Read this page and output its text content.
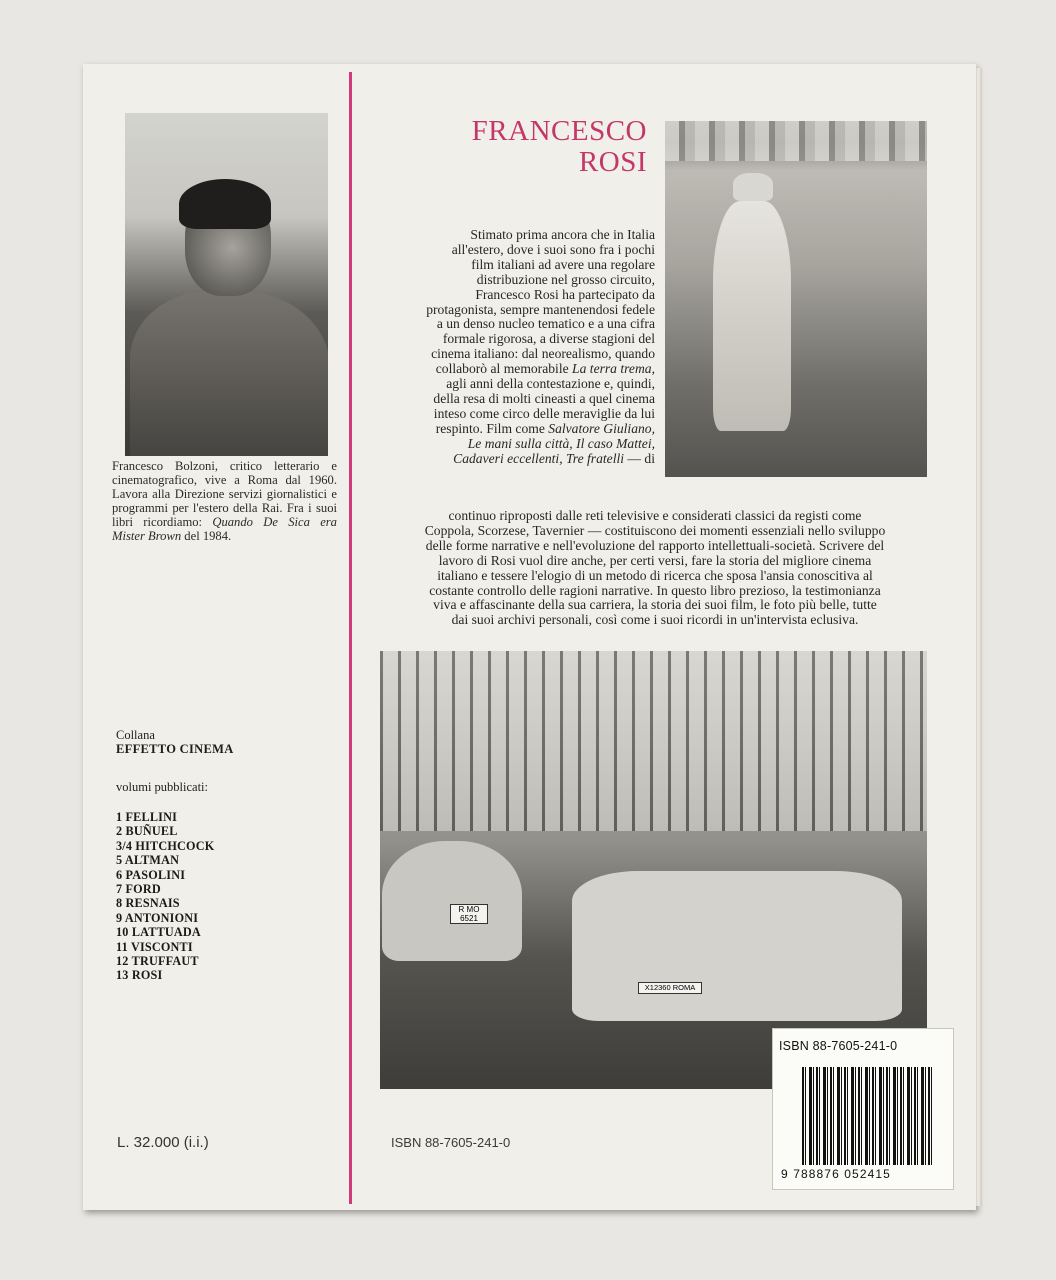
Francesco Bolzoni, critico letterario e cinematografico, vive a Roma dal 1960. Lavora alla Direzione servizi giornalistici e programmi per l'estero della Rai. Fra i suoi libri ricordiamo: Quando De Sica era Mister Brown del 1984.
Collana
EFFETTO CINEMA
volumi pubblicati:
1 FELLINI
2 BUÑUEL
3/4 HITCHCOCK
5 ALTMAN
6 PASOLINI
7 FORD
8 RESNAIS
9 ANTONIONI
10 LATTUADA
11 VISCONTI
12 TRUFFAUT
13 ROSI
L. 32.000 (i.i.)
FRANCESCO
ROSI

Stimato prima ancora che in Italia

all'estero, dove i suoi sono fra i pochi

film italiani ad avere una regolare

distribuzione nel grosso circuito,

Francesco Rosi ha partecipato da

protagonista, sempre mantenendosi fedele

a un denso nucleo tematico e a una cifra

formale rigorosa, a diverse stagioni del

cinema italiano: dal neorealismo, quando

collaborò al memorabile La terra trema,

agli anni della contestazione e, quindi,

della resa di molti cineasti a quel cinema

inteso come circo delle meraviglie da lui

respinto. Film come Salvatore Giuliano,

Le mani sulla città, Il caso Mattei,

Cadaveri eccellenti, Tre fratelli — di

continuo riproposti dalle reti televisive e considerati classici da registi come

Coppola, Scorzese, Tavernier — costituiscono dei momenti essenziali nello sviluppo

delle forme narrative e nell'evoluzione del rapporto intellettuali-società. Scrivere del

lavoro di Rosi vuol dire anche, per certi versi, fare la storia del migliore cinema

italiano e tessere l'elogio di un metodo di ricerca che sposa l'ansia conoscitiva al

costante controllo delle ragioni narrative. In questo libro prezioso, la testimonianza

viva e affascinante della sua carriera, la storia dei suoi film, le foto più belle, tutte

dai suoi archivi personali, così come i suoi ricordi in un'intervista eclusiva.

R MO 6521
X12360 ROMA
ISBN 88-7605-241-0
ISBN 88-7605-241-0
9 788876 052415
